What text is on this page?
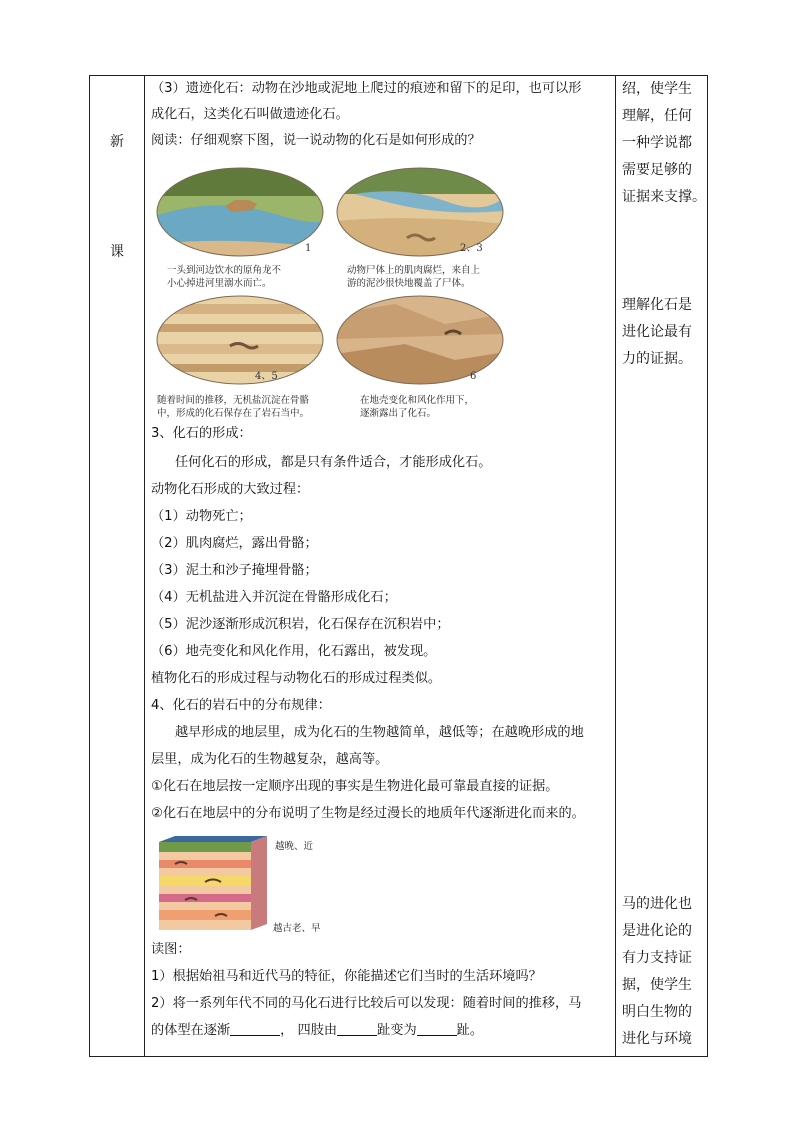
新
课

（3）遗迹化石：动物在沙地或泥地上爬过的痕迹和留下的足印，也可以形
成化石，这类化石叫做遗迹化石。
阅读：仔细观察下图，说一说动物的化石是如何形成的？
1
一头到河边饮水的原角龙不
小心掉进河里溺水而亡。
2、3
动物尸体上的肌肉腐烂，来自上
游的泥沙很快地覆盖了尸体。
4、5
随着时间的推移，无机盐沉淀在骨骼
中，形成的化石保存在了岩石当中。
6
在地壳变化和风化作用下，
逐渐露出了化石。
3、化石的形成：
任何化石的形成，都是只有条件适合，才能形成化石。
动物化石形成的大致过程：
（1）动物死亡；
（2）肌肉腐烂，露出骨骼；
（3）泥土和沙子掩埋骨骼；
（4）无机盐进入并沉淀在骨骼形成化石；
（5）泥沙逐渐形成沉积岩，化石保存在沉积岩中；
（6）地壳变化和风化作用，化石露出，被发现。
植物化石的形成过程与动物化石的形成过程类似。
4、化石的岩石中的分布规律：
越早形成的地层里，成为化石的生物越简单，越低等；在越晚形成的地
层里，成为化石的生物越复杂，越高等。
①化石在地层按一定顺序出现的事实是生物进化最可靠最直接的证据。
②化石在地层中的分布说明了生物是经过漫长的地质年代逐渐进化而来的。
越晚、近
越古老、早
读图：
1）根据始祖马和近代马的特征，你能描述它们当时的生活环境吗？
2）将一系列年代不同的马化石进行比较后可以发现：随着时间的推移，马
的体型在逐渐	， 四肢由	趾变为	趾。

绍，使学生
理解，任何
一种学说都
需要足够的
证据来支撑。
理解化石是
进化论最有
力的证据。
马的进化也
是进化论的
有力支持证
据，使学生
明白生物的
进化与环境
